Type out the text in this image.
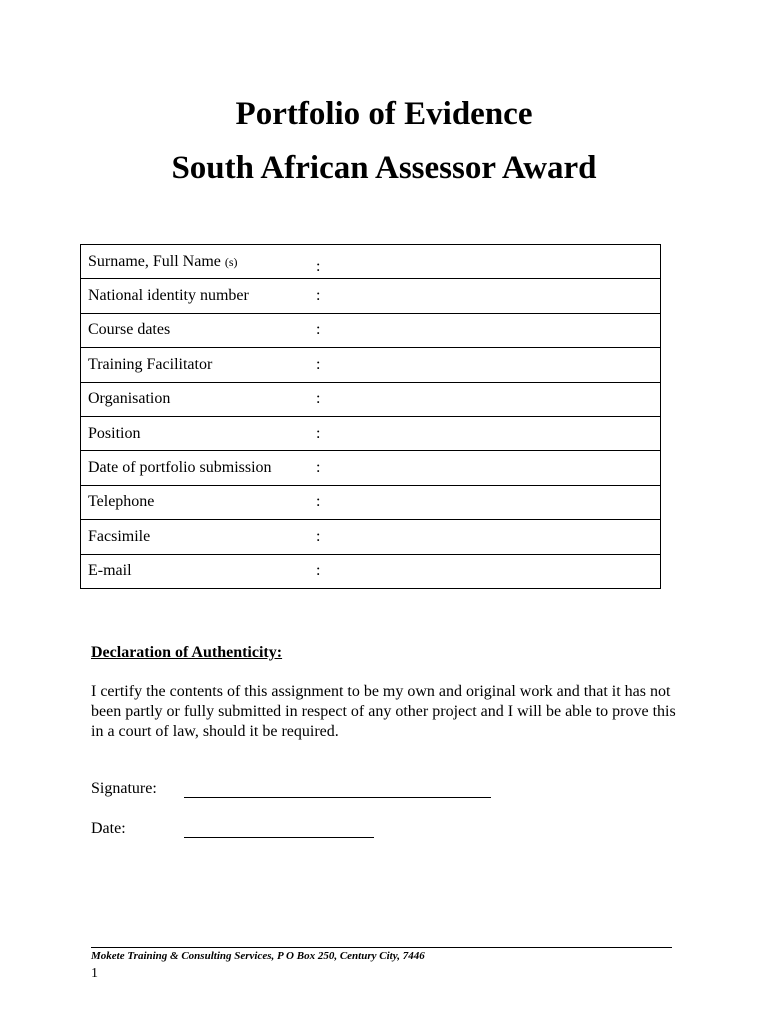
Portfolio of Evidence
South African Assessor Award
Surname, Full Name (s)	:
National identity number	:
Course dates	:
Training Facilitator	:
Organisation	:
Position	:
Date of portfolio submission	:
Telephone	:
Facsimile	:
E-mail	:
Declaration of Authenticity:
I certify the contents of this assignment to be my own and original work and that it has not been partly or fully submitted in respect of any other project and I will be able to prove this in a court of law, should it be required.
Signature:
Date:
Mokete Training & Consulting Services, P O Box 250, Century City, 7446
1
